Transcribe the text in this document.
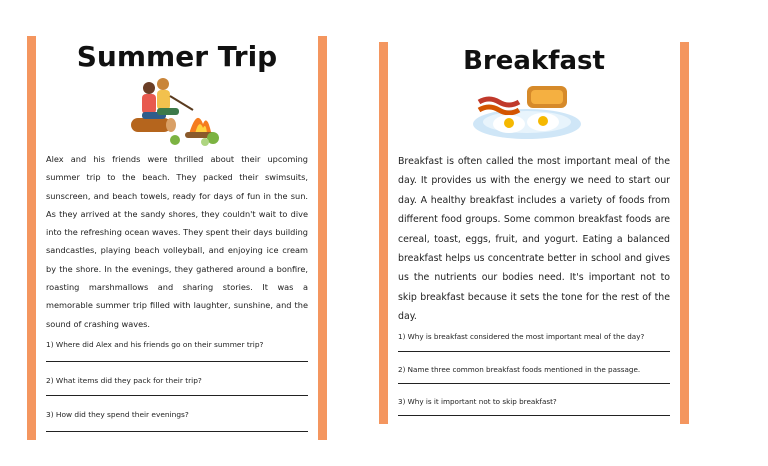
Summer Trip
Alex and his friends were thrilled about their upcoming summer trip to the beach. They packed their swimsuits, sunscreen, and beach towels, ready for days of fun in the sun. As they arrived at the sandy shores, they couldn't wait to dive into the refreshing ocean waves. They spent their days building sandcastles, playing beach volleyball, and enjoying ice cream by the shore. In the evenings, they gathered around a bonfire, roasting marshmallows and sharing stories. It was a memorable summer trip filled with laughter, sunshine, and the sound of crashing waves.
1) Where did Alex and his friends go on their summer trip?
2) What items did they pack for their trip?
3) How did they spend their evenings?
Breakfast
Breakfast is often called the most important meal of the day. It provides us with the energy we need to start our day. A healthy breakfast includes a variety of foods from different food groups. Some common breakfast foods are cereal, toast, eggs, fruit, and yogurt. Eating a balanced breakfast helps us concentrate better in school and gives us the nutrients our bodies need. It's important not to skip breakfast because it sets the tone for the rest of the day.
1) Why is breakfast considered the most important meal of the day?
2) Name three common breakfast foods mentioned in the passage.
3) Why is it important not to skip breakfast?
